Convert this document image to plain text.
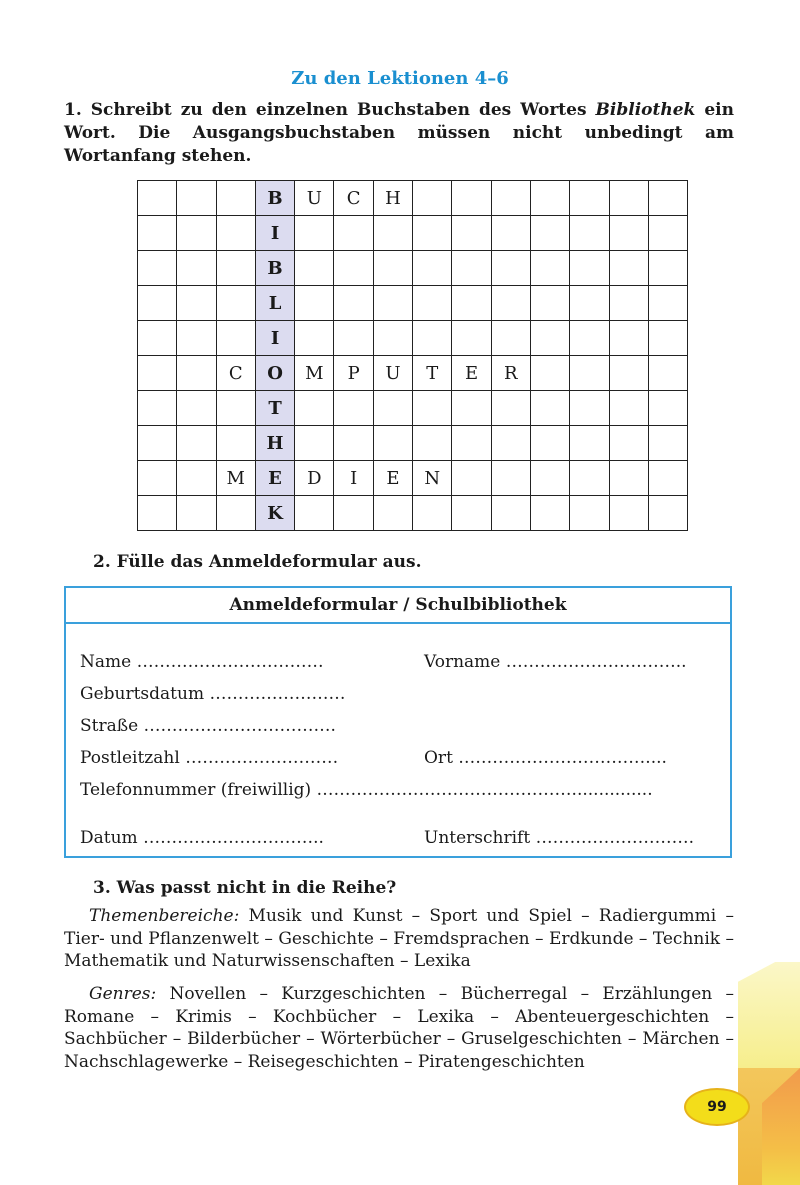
Zu den Lektionen 4–6
1. Schreibt zu den einzelnen Buchstaben des Wortes Bibliothek ein Wort. Die Ausgangsbuchstaben müssen nicht unbedingt am Wortanfang stehen.
			B	U	C	H							
			I										
			B										
			L										
			I										
		C	O	M	P	U	T	E	R				
			T										
			H										
		M	E	D	I	E	N						
			K										
2. Fülle das Anmeldeformular aus.
Anmeldeformular / Schulbibliothek
Name ……………………………	Vorname …………………………..
Geburtsdatum ……………………
Straße …………………………….
Postleitzahl ………………………	Ort ……………………………....
Telefonnummer (freiwillig) ………………………………………...............
Datum …………………………..	Unterschrift ……………………….
3. Was passt nicht in die Reihe?
Themenbereiche: Musik und Kunst – Sport und Spiel – Radiergummi – Tier- und Pflanzenwelt – Geschichte – Fremdsprachen – Erdkunde – Technik – Mathematik und Naturwissenschaften – Lexika
Genres: Novellen – Kurzgeschichten – Bücherregal – Erzählungen – Romane – Krimis – Kochbücher – Lexika – Abenteuergeschichten – Sachbücher – Bilderbücher – Wörterbücher – Gruselgeschichten – Märchen – Nachschlagewerke – Reisegeschichten – Piratengeschichten
99
